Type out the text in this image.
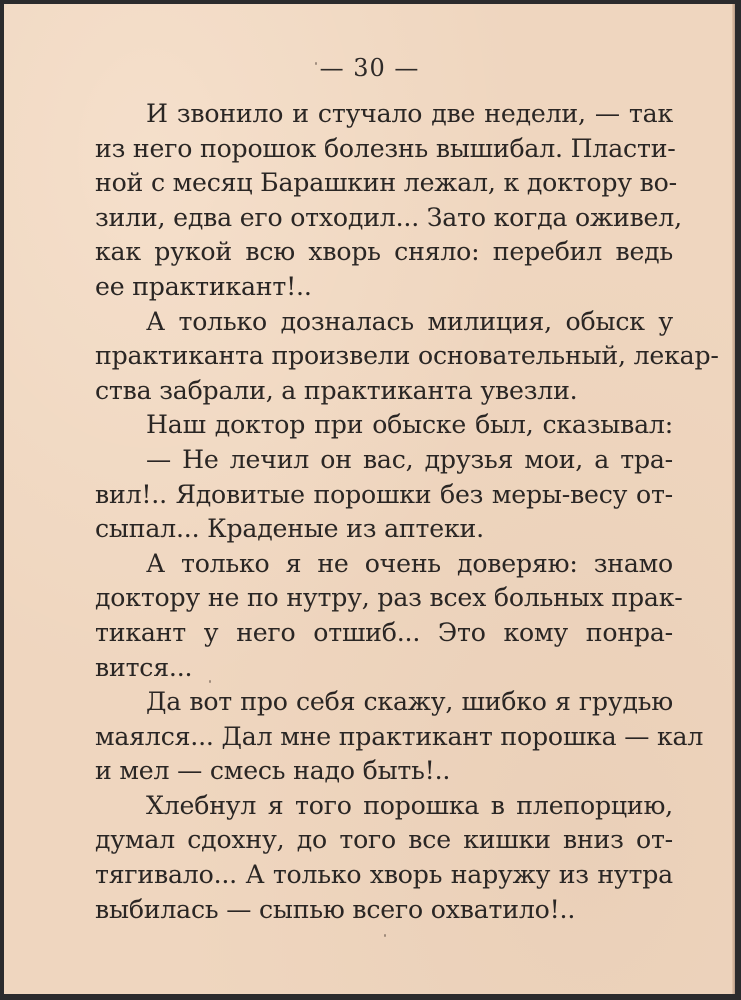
— 30 —
И звонило и стучало две недели, — так
из него порошок болезнь вышибал. Пласти-
ной с месяц Барашкин лежал, к доктору во-
зили, едва его отходил... Зато когда оживел,
как рукой всю хворь сняло: перебил ведь
ее практикант!..
А только дозналась милиция, обыск у
практиканта произвели основательный, лекар-
ства забрали, а практиканта увезли.
Наш доктор при обыске был, сказывал:
— Не лечил он вас, друзья мои, а тра-
вил!.. Ядовитые порошки без меры-весу от-
сыпал... Краденые из аптеки.
А только я не очень доверяю: знамо
доктору не по нутру, раз всех больных прак-
тикант у него отшиб... Это кому понра-
вится...
Да вот про себя скажу, шибко я грудью
маялся... Дал мне практикант порошка — кал
и мел — смесь надо быть!..
Хлебнул я того порошка в плепорцию,
думал сдохну, до того все кишки вниз от-
тягивало... А только хворь наружу из нутра
выбилась — сыпью всего охватило!..
